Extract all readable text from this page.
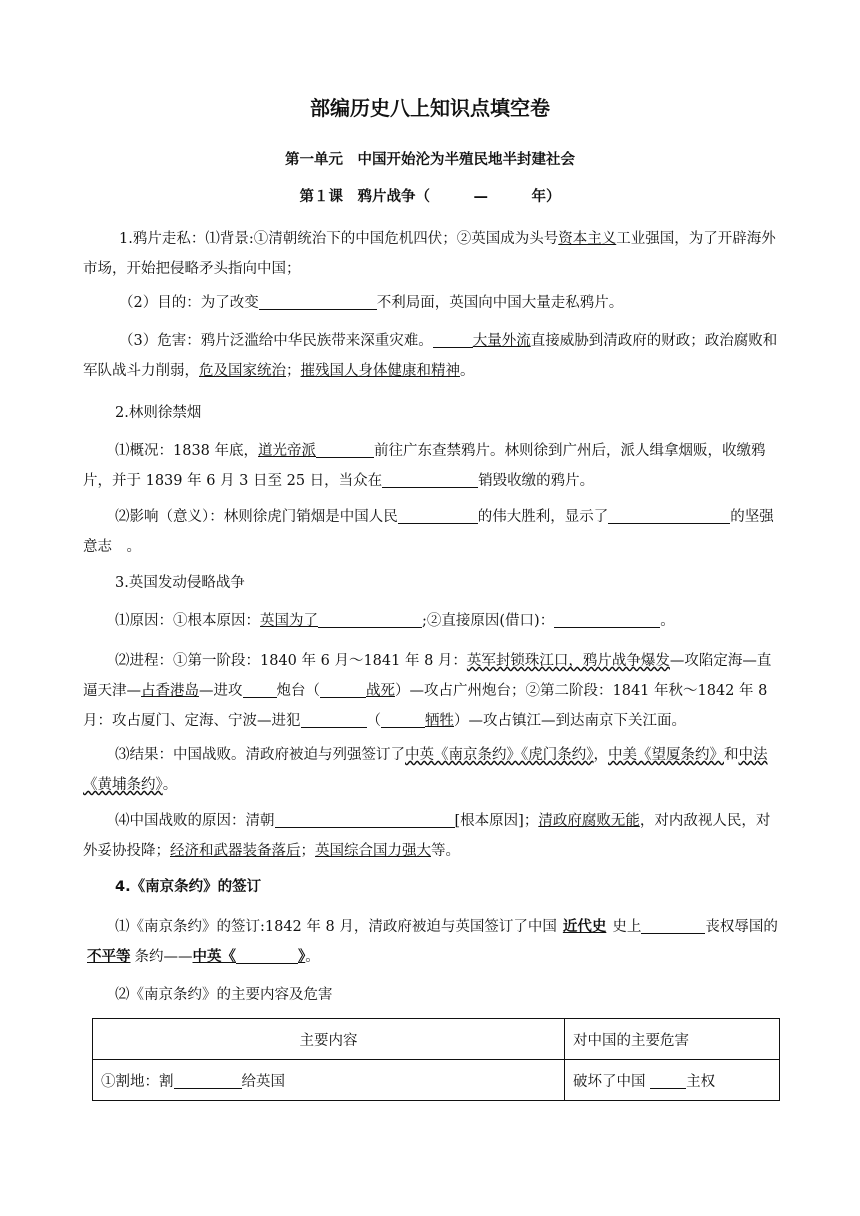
部编历史八上知识点填空卷
第一单元　中国开始沦为半殖民地半封建社会
第１课　鸦片战争（　　　—　　　年）
1.鸦片走私：⑴背景:①清朝统治下的中国危机四伏；②英国成为头号资本主义工业强国，为了开辟海外市场，开始把侵略矛头指向中国；
（2）目的：为了改变	不利局面，英国向中国大量走私鸦片。
（3）危害：鸦片泛滥给中华民族带来深重灾难。	大量外流直接威胁到清政府的财政；政治腐败和军队战斗力削弱，危及国家统治；摧残国人身体健康和精神。
2.林则徐禁烟
⑴概况：1838 年底，道光帝派	前往广东查禁鸦片。林则徐到广州后，派人缉拿烟贩，收缴鸦片，并于 1839 年 6 月 3 日至 25 日，当众在	销毁收缴的鸦片。
⑵影响（意义）：林则徐虎门销烟是中国人民	的伟大胜利，显示了	的坚强意志　。
3.英国发动侵略战争
⑴原因：①根本原因：英国为了	;②直接原因(借口)：	。
⑵进程：①第一阶段：1840 年 6 月～1841 年 8 月：英军封锁珠江口，鸦片战争爆发—攻陷定海—直逼天津—占香港岛—进攻 炮台（	战死）—攻占广州炮台；②第二阶段：1841 年秋～1842 年 8 月：攻占厦门、定海、宁波—进犯	（	牺牲）—攻占镇江—到达南京下关江面。
⑶结果：中国战败。清政府被迫与列强签订了中英《南京条约》《虎门条约》，中美《望厦条约》和中法《黄埔条约》。
⑷中国战败的原因：清朝	[根本原因]；清政府腐败无能，对内敌视人民，对外妥协投降；经济和武器装备落后；英国综合国力强大等。
4.《南京条约》的签订
⑴《南京条约》的签订:1842 年 8 月，清政府被迫与英国签订了中国 近代史 史上	丧权辱国的不平等 条约——中英《	》。
⑵《南京条约》的主要内容及危害
主要内容	对中国的主要危害
①割地：割 给英国	破坏了中国 主权
